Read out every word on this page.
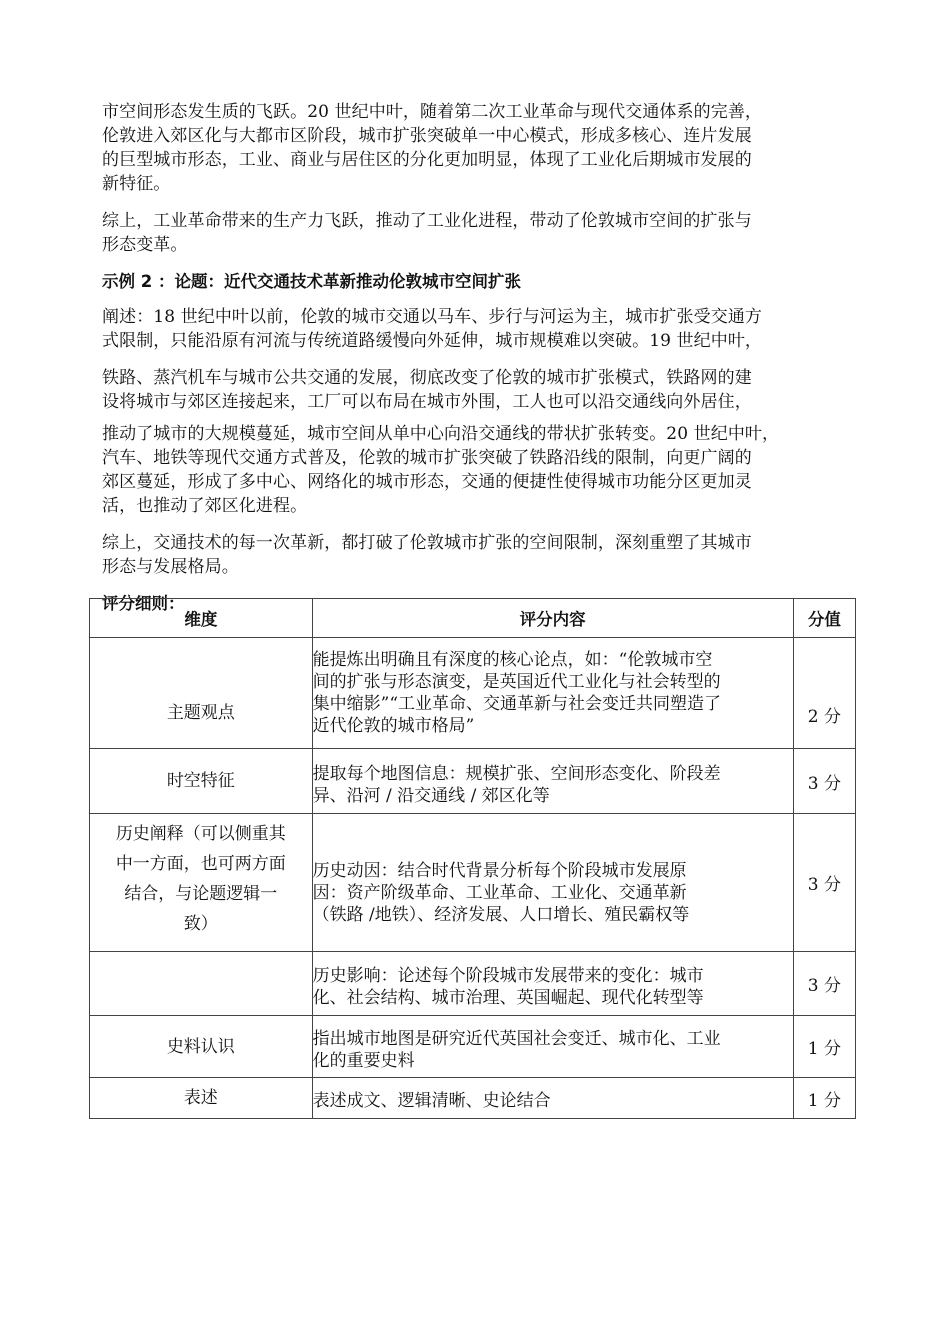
市空间形态发生质的飞跃。20 世纪中叶，随着第二次工业革命与现代交通体系的完善，
伦敦进入郊区化与大都市区阶段，城市扩张突破单一中心模式，形成多核心、连片发展
的巨型城市形态，工业、商业与居住区的分化更加明显，体现了工业化后期城市发展的
新特征。

综上，工业革命带来的生产力飞跃，推动了工业化进程，带动了伦敦城市空间的扩张与
形态变革。

示例 2 ：论题：近代交通技术革新推动伦敦城市空间扩张

阐述：18 世纪中叶以前，伦敦的城市交通以马车、步行与河运为主，城市扩张受交通方
式限制，只能沿原有河流与传统道路缓慢向外延伸，城市规模难以突破。19 世纪中叶，

铁路、蒸汽机车与城市公共交通的发展，彻底改变了伦敦的城市扩张模式，铁路网的建
设将城市与郊区连接起来，工厂可以布局在城市外围，工人也可以沿交通线向外居住，

推动了城市的大规模蔓延，城市空间从单中心向沿交通线的带状扩张转变。20 世纪中叶，
汽车、地铁等现代交通方式普及，伦敦的城市扩张突破了铁路沿线的限制，向更广阔的
郊区蔓延，形成了多中心、网络化的城市形态，交通的便捷性使得城市功能分区更加灵
活，也推动了郊区化进程。

综上，交通技术的每一次革新，都打破了伦敦城市扩张的空间限制，深刻重塑了其城市
形态与发展格局。

评分细则：

维度	评分内容	分值

主题观点	能提炼出明确且有深度的核心论点，如：“伦敦城市空
间的扩张与形态演变，是英国近代工业化与社会转型的
集中缩影”“工业革命、交通革新与社会变迁共同塑造了
近代伦敦的城市格局”	2 分

时空特征	提取每个地图信息：规模扩张、空间形态变化、阶段差
异、沿河 / 沿交通线 / 郊区化等	3 分

历史阐释（可以侧重其
中一方面，也可两方面
结合，与论题逻辑一
致）	历史动因：结合时代背景分析每个阶段城市发展原
因：资产阶级革命、工业革命、工业化、交通革新
（铁路 /地铁）、经济发展、人口增长、殖民霸权等	3 分

	历史影响：论述每个阶段城市发展带来的变化：城市
化、社会结构、城市治理、英国崛起、现代化转型等	3 分

史料认识	指出城市地图是研究近代英国社会变迁、城市化、工业
化的重要史料	1 分

表述	表述成文、逻辑清晰、史论结合	1 分
